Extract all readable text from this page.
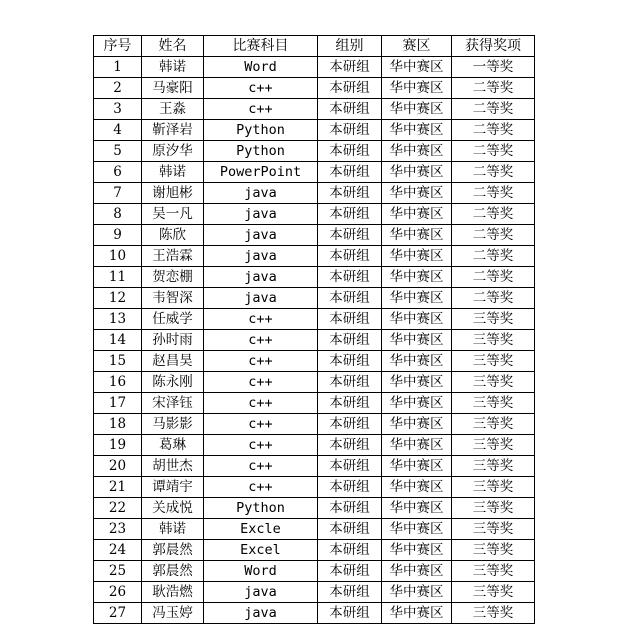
序号	姓名	比赛科目	组别	赛区	获得奖项
1	韩诺	Word	本研组	华中赛区	一等奖
2	马豪阳	c++	本研组	华中赛区	二等奖
3	王淼	c++	本研组	华中赛区	二等奖
4	靳泽岩	Python	本研组	华中赛区	二等奖
5	原汐华	Python	本研组	华中赛区	二等奖
6	韩诺	PowerPoint	本研组	华中赛区	二等奖
7	谢旭彬	java	本研组	华中赛区	二等奖
8	吴一凡	java	本研组	华中赛区	二等奖
9	陈欣	java	本研组	华中赛区	二等奖
10	王浩霖	java	本研组	华中赛区	二等奖
11	贺恋棚	java	本研组	华中赛区	二等奖
12	韦智深	java	本研组	华中赛区	二等奖
13	任威学	c++	本研组	华中赛区	三等奖
14	孙时雨	c++	本研组	华中赛区	三等奖
15	赵昌昊	c++	本研组	华中赛区	三等奖
16	陈永刚	c++	本研组	华中赛区	三等奖
17	宋泽钰	c++	本研组	华中赛区	三等奖
18	马影影	c++	本研组	华中赛区	三等奖
19	葛琳	c++	本研组	华中赛区	三等奖
20	胡世杰	c++	本研组	华中赛区	三等奖
21	谭靖宇	c++	本研组	华中赛区	三等奖
22	关成悦	Python	本研组	华中赛区	三等奖
23	韩诺	Excle	本研组	华中赛区	三等奖
24	郭晨然	Excel	本研组	华中赛区	三等奖
25	郭晨然	Word	本研组	华中赛区	三等奖
26	耿浩燃	java	本研组	华中赛区	三等奖
27	冯玉婷	java	本研组	华中赛区	三等奖
